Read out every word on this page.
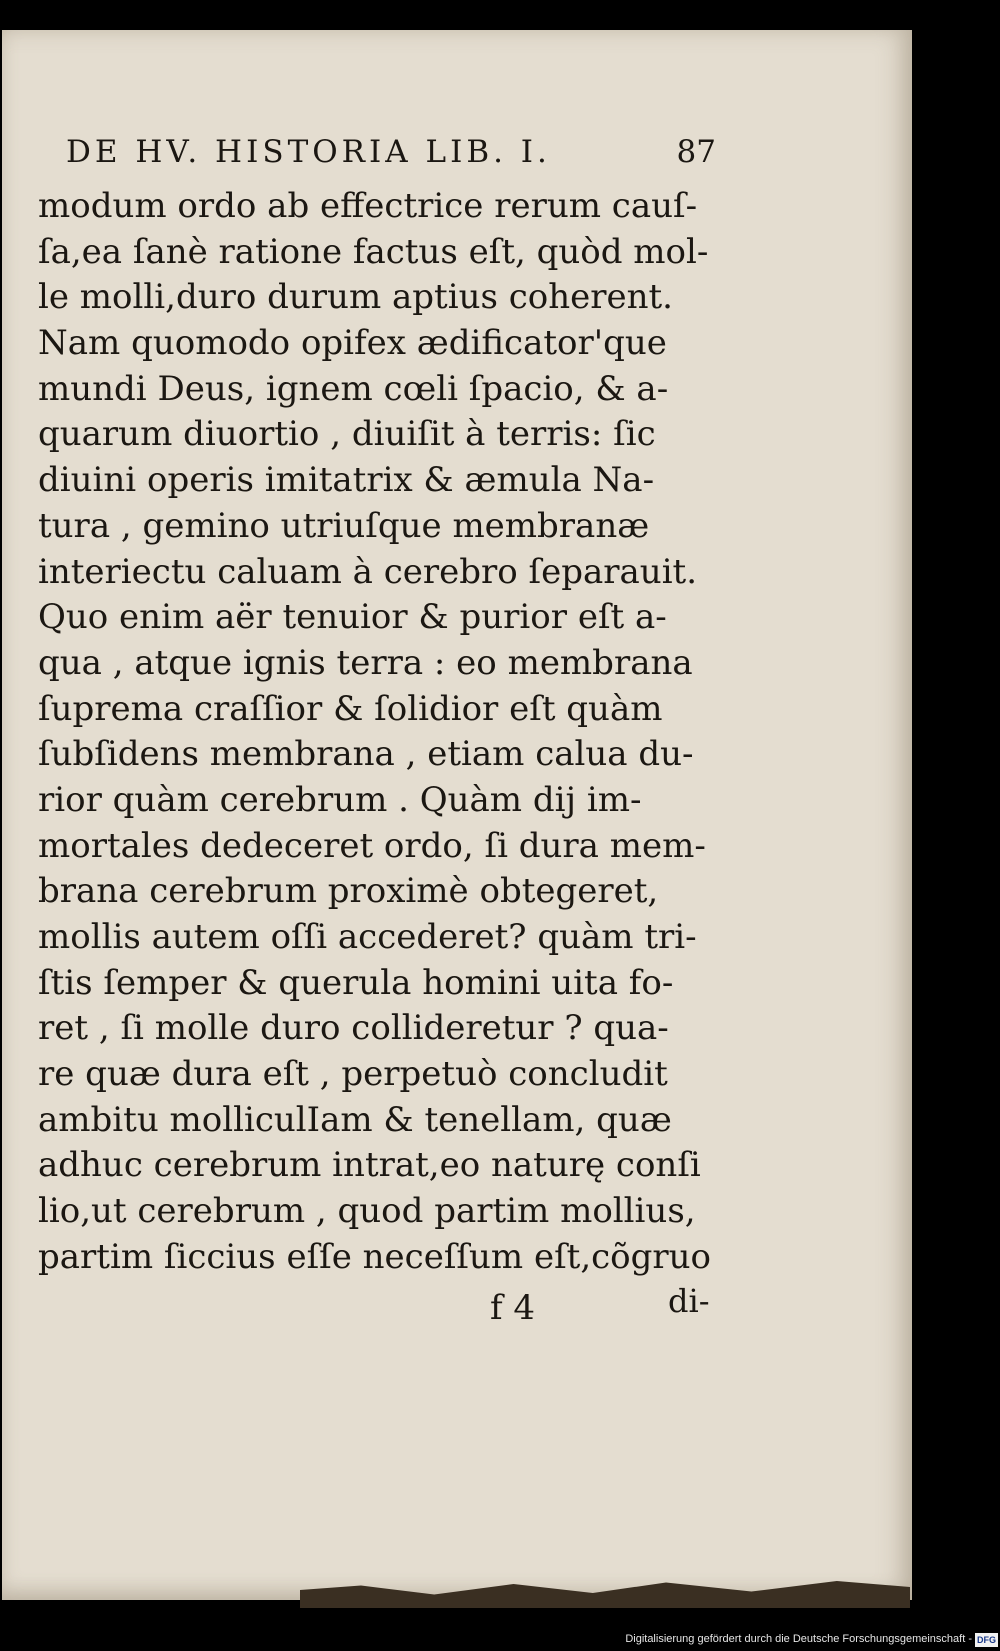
DE HV. HISTORIA LIB. I.	87
modum ordo ab effectrice rerum cauſ-
ſa,ea ſanè ratione factus eſt, quòd mol-
le molli,duro durum aptius coherent.
Nam quomodo opifex ædificator'que
mundi Deus, ignem cœli ſpacio, & a-
quarum diuortio , diuiſit à terris: ſic
diuini operis imitatrix & æmula Na-
tura , gemino utriuſque membranæ
interiectu caluam à cerebro ſeparauit.
Quo enim aër tenuior & purior eſt a-
qua , atque ignis terra : eo membrana
ſuprema craſſior & ſolidior eſt quàm
ſubſidens membrana , etiam calua du-
rior quàm cerebrum . Quàm dij im-
mortales dedeceret ordo, ſi dura mem-
brana cerebrum proximè obtegeret,
mollis autem oſſi accederet? quàm tri-
ſtis ſemper & querula homini uita fo-
ret , ſi molle duro collideretur ? qua-
re quæ dura eſt , perpetuò concludit
ambitu molliculIam & tenellam, quæ
adhuc cerebrum intrat,eo naturę conſi
lio,ut cerebrum , quod partim mollius,
partim ſiccius eſſe neceſſum eſt,cõgruo
f 4	di-
Digitalisierung gefördert durch die Deutsche Forschungsgemeinschaft - DFG
